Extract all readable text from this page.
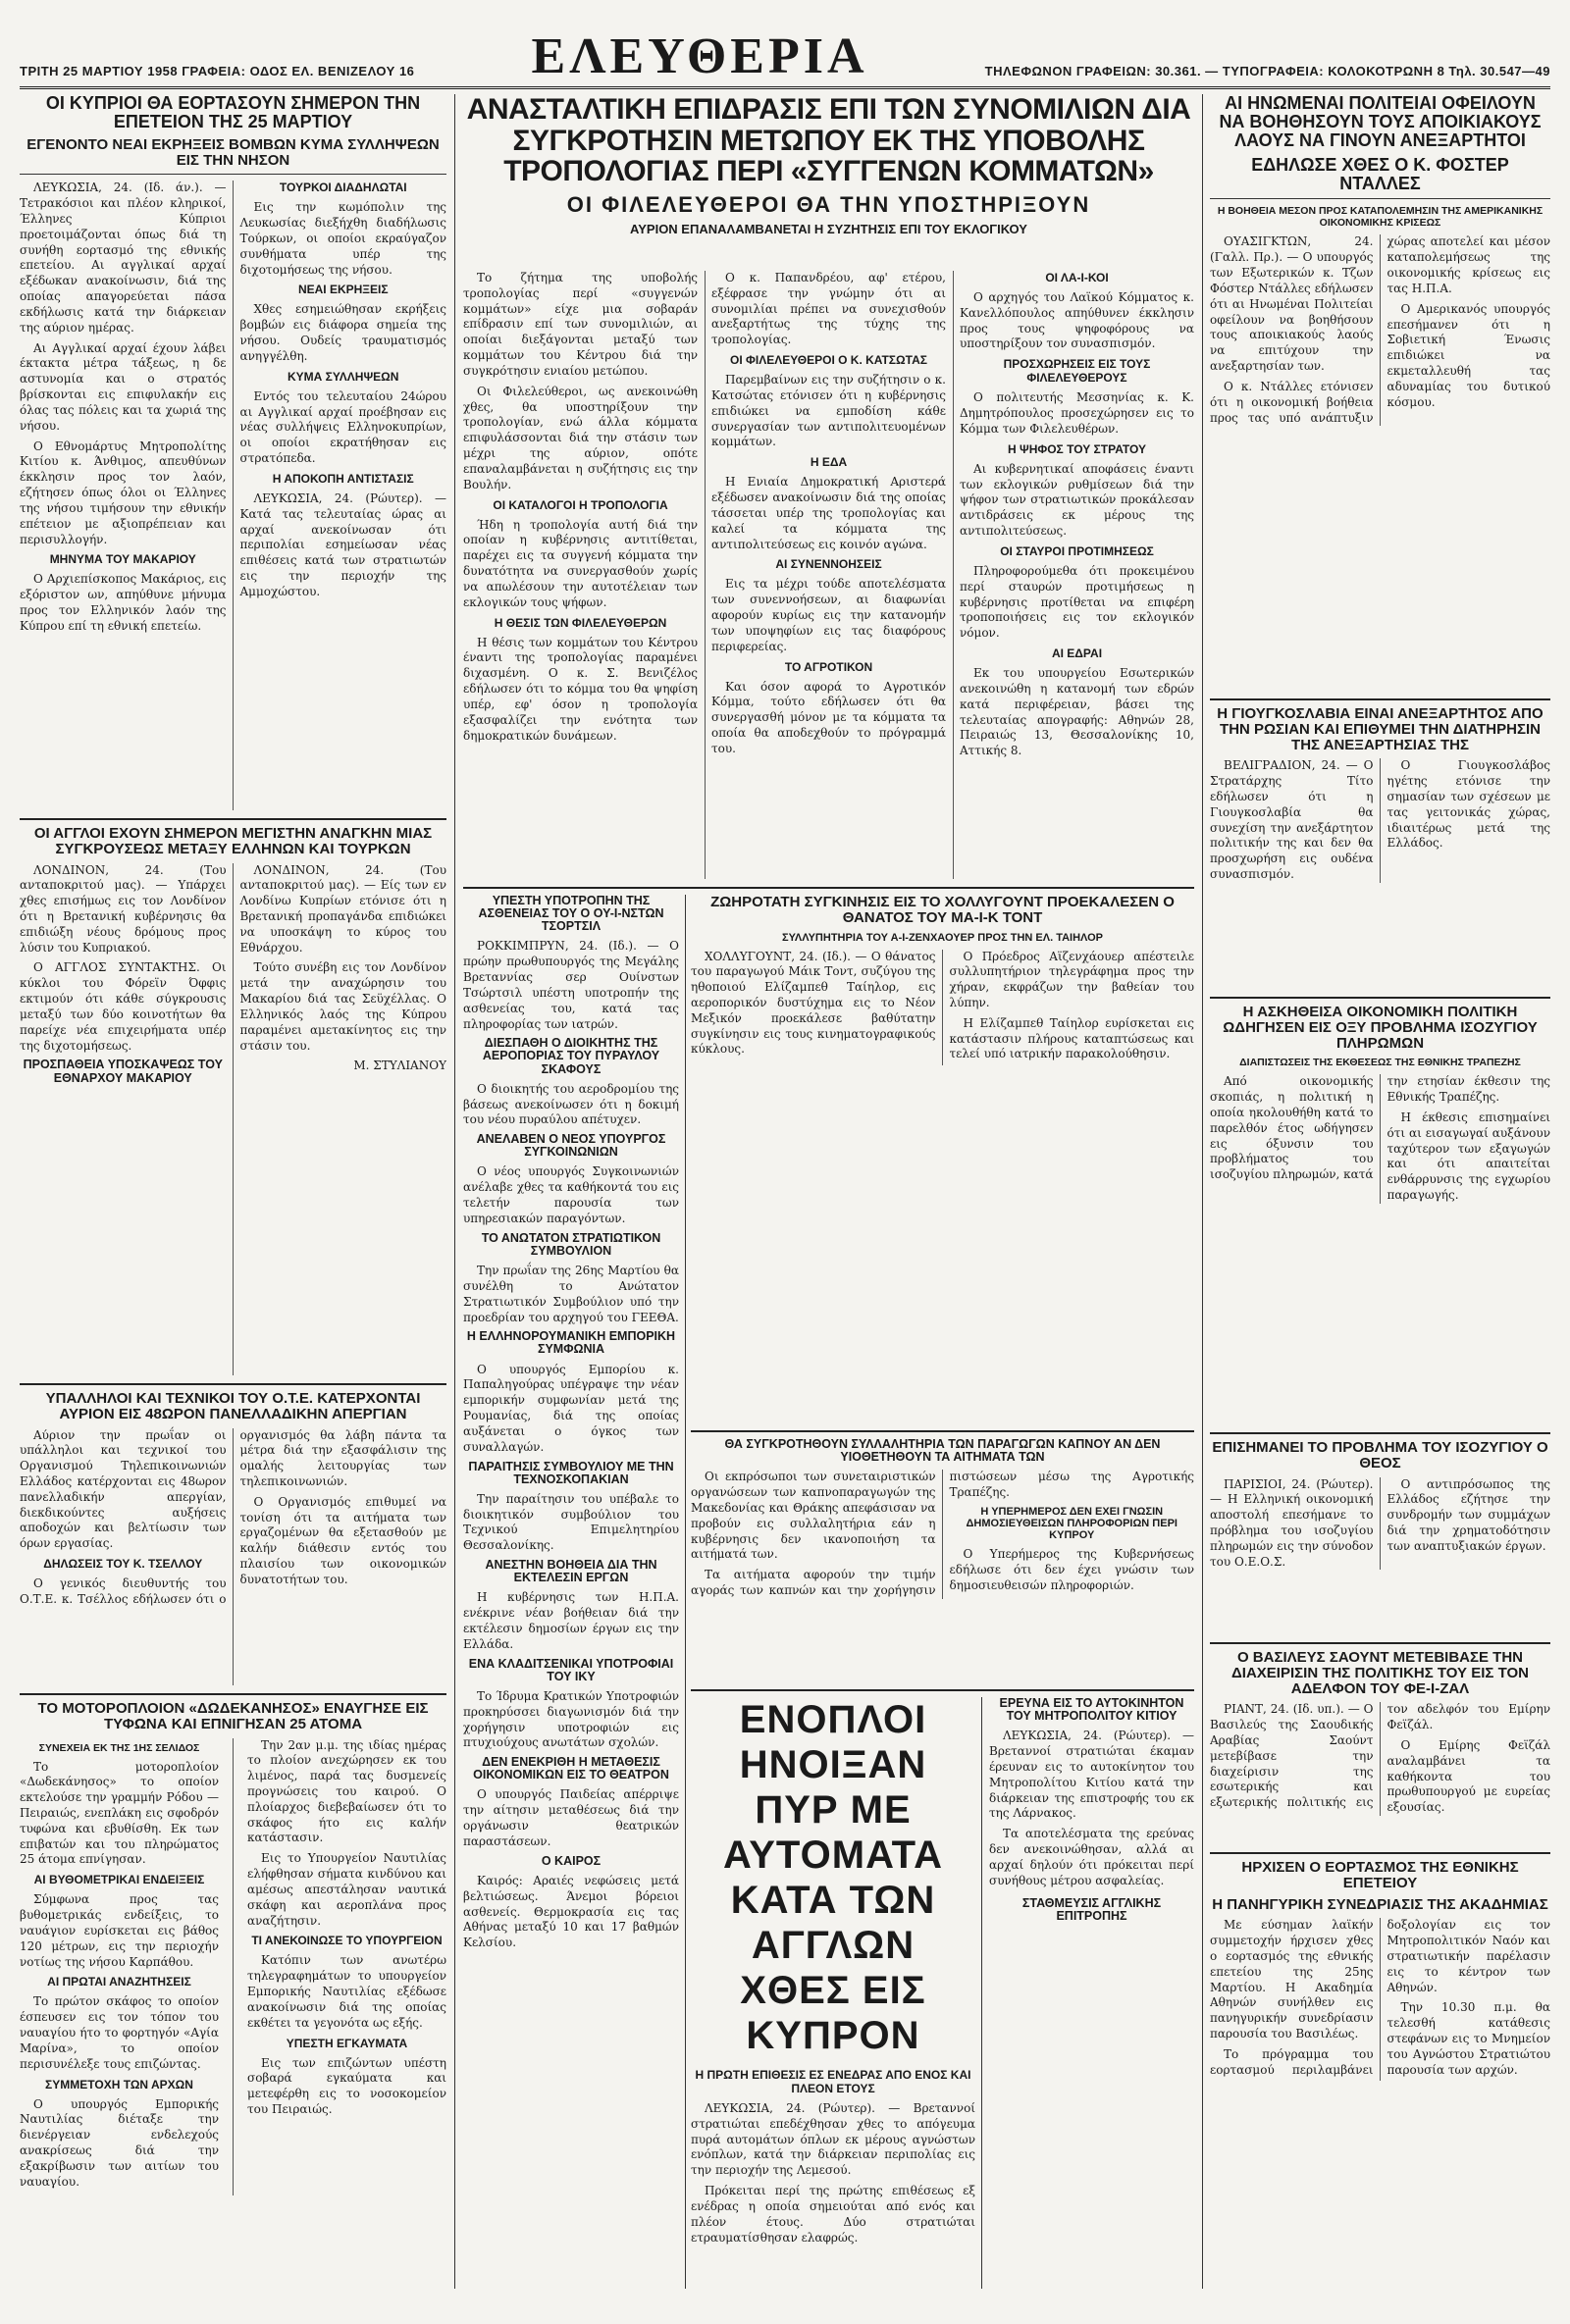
ΤΡΙΤΗ 25 ΜΑΡΤΙΟΥ 1958 ΓΡΑΦΕΙΑ: ΟΔΟΣ ΕΛ. ΒΕΝΙΖΕΛΟΥ 16 ΕΛΕΥΘΕΡΙΑ	ΤΗΛΕΦΩΝΟΝ ΓΡΑΦΕΙΩΝ: 30.361. — ΤΥΠΟΓΡΑΦΕΙΑ: ΚΟΛΟΚΟΤΡΩΝΗ 8 Τηλ. 30.547—49
ΟΙ ΚΥΠΡΙΟΙ ΘΑ ΕΟΡΤΑΣΟΥΝ ΣΗΜΕΡΟΝ ΤΗΝ ΕΠΕΤΕΙΟΝ ΤΗΣ 25 ΜΑΡΤΙΟΥ
ΕΓΕΝΟΝΤΟ ΝΕΑΙ ΕΚΡΗΞΕΙΣ ΒΟΜΒΩΝ ΚΥΜΑ ΣΥΛΛΗΨΕΩΝ ΕΙΣ ΤΗΝ ΝΗΣΟΝ

ΛΕΥΚΩΣΙΑ, 24. (Ιδ. άν.). — Τετρακόσιοι και πλέον κληρικοί, Έλληνες Κύπριοι προετοιμάζονται όπως διά τη συνήθη εορτασμό της εθνικής επετείου. Αι αγγλικαί αρχαί εξέδωκαν ανακοίνωσιν, διά της οποίας απαγορεύεται πάσα εκδήλωσις κατά την διάρκειαν της αύριον ημέρας.

Αι Αγγλικαί αρχαί έχουν λάβει έκτακτα μέτρα τάξεως, η δε αστυνομία και ο στρατός βρίσκονται εις επιφυλακήν εις όλας τας πόλεις και τα χωριά της νήσου.

Ο Εθνομάρτυς Μητροπολίτης Κιτίου κ. Άνθιμος, απευθύνων έκκλησιν προς τον λαόν, εζήτησεν όπως όλοι οι Έλληνες της νήσου τιμήσουν την εθνικήν επέτειον με αξιοπρέπειαν και περισυλλογήν.

ΜΗΝΥΜΑ ΤΟΥ ΜΑΚΑΡΙΟΥ

Ο Αρχιεπίσκοπος Μακάριος, εις εξόριστον ων, απηύθυνε μήνυμα προς τον Ελληνικόν λαόν της Κύπρου επί τη εθνική επετείω.

ΤΟΥΡΚΟΙ ΔΙΑΔΗΛΩΤΑΙ

Εις την κωμόπολιν της Λευκωσίας διεξήχθη διαδήλωσις Τούρκων, οι οποίοι εκραύγαζον συνθήματα υπέρ της διχοτομήσεως της νήσου.

ΝΕΑΙ ΕΚΡΗΞΕΙΣ

Χθες εσημειώθησαν εκρήξεις βομβών εις διάφορα σημεία της νήσου. Ουδείς τραυματισμός ανηγγέλθη.

ΚΥΜΑ ΣΥΛΛΗΨΕΩΝ

Εντός του τελευταίου 24ώρου αι Αγγλικαί αρχαί προέβησαν εις νέας συλλήψεις Ελληνοκυπρίων, οι οποίοι εκρατήθησαν εις στρατόπεδα.

Η ΑΠΟΚΟΠΗ ΑΝΤΙΣΤΑΣΙΣ

ΛΕΥΚΩΣΙΑ, 24. (Ρώυτερ). — Κατά τας τελευταίας ώρας αι αρχαί ανεκοίνωσαν ότι περιπολίαι εσημείωσαν νέας επιθέσεις κατά των στρατιωτών εις την περιοχήν της Αμμοχώστου.

ΟΙ ΑΓΓΛΟΙ ΕΧΟΥΝ ΣΗΜΕΡΟΝ ΜΕΓΙΣΤΗΝ ΑΝΑΓΚΗΝ ΜΙΑΣ ΣΥΓΚΡΟΥΣΕΩΣ ΜΕΤΑΞΥ ΕΛΛΗΝΩΝ ΚΑΙ ΤΟΥΡΚΩΝ

ΛΟΝΔΙΝΟΝ, 24. (Του ανταποκριτού μας). — Υπάρχει χθες επισήμως εις τον Λονδίνον ότι η Βρετανική κυβέρνησις θα επιδιώξη νέους δρόμους προς λύσιν του Κυπριακού.

Ο ΑΓΓΛΟΣ ΣΥΝΤΑΚΤΗΣ. Οι κύκλοι του Φόρεϊν Όφφις εκτιμούν ότι κάθε σύγκρουσις μεταξύ των δύο κοινοτήτων θα παρείχε νέα επιχειρήματα υπέρ της διχοτομήσεως.

ΠΡΟΣΠΑΘΕΙΑ ΥΠΟΣΚΑΨΕΩΣ ΤΟΥ ΕΘΝΑΡΧΟΥ ΜΑΚΑΡΙΟΥ

ΛΟΝΔΙΝΟΝ, 24. (Του ανταποκριτού μας). — Είς των εν Λονδίνω Κυπρίων ετόνισε ότι η Βρετανική προπαγάνδα επιδιώκει να υποσκάψη το κύρος του Εθνάρχου.

Τούτο συνέβη εις τον Λονδίνον μετά την αναχώρησιν του Μακαρίου διά τας Σεϋχέλλας. Ο Ελληνικός λαός της Κύπρου παραμένει αμετακίνητος εις την στάσιν του.

Μ. ΣΤΥΛΙΑΝΟΥ

ΥΠΑΛΛΗΛΟΙ ΚΑΙ ΤΕΧΝΙΚΟΙ ΤΟΥ Ο.Τ.Ε. ΚΑΤΕΡΧΟΝΤΑΙ ΑΥΡΙΟΝ ΕΙΣ 48ΩΡΟΝ ΠΑΝΕΛΛΑΔΙΚΗΝ ΑΠΕΡΓΙΑΝ

Αύριον την πρωΐαν οι υπάλληλοι και τεχνικοί του Οργανισμού Τηλεπικοινωνιών Ελλάδος κατέρχονται εις 48ωρον πανελλαδικήν απεργίαν, διεκδικούντες αυξήσεις αποδοχών και βελτίωσιν των όρων εργασίας.

ΔΗΛΩΣΕΙΣ ΤΟΥ Κ. ΤΣΕΛΛΟΥ

Ο γενικός διευθυντής του Ο.Τ.Ε. κ. Τσέλλος εδήλωσεν ότι ο οργανισμός θα λάβη πάντα τα μέτρα διά την εξασφάλισιν της ομαλής λειτουργίας των τηλεπικοινωνιών.

Ο Οργανισμός επιθυμεί να τονίση ότι τα αιτήματα των εργαζομένων θα εξετασθούν με καλήν διάθεσιν εντός του πλαισίου των οικονομικών δυνατοτήτων του.

ΤΟ ΜΟΤΟΡΟΠΛΟΙΟΝ «ΔΩΔΕΚΑΝΗΣΟΣ» ΕΝΑΥΓΗΣΕ ΕΙΣ ΤΥΦΩΝΑ ΚΑΙ ΕΠΝΙΓΗΣΑΝ 25 ΑΤΟΜΑ
ΣΥΝΕΧΕΙΑ ΕΚ ΤΗΣ 1ΗΣ ΣΕΛΙΔΟΣ

Το μοτοροπλοίον «Δωδεκάνησος» το οποίον εκτελούσε την γραμμήν Ρόδου — Πειραιώς, ενεπλάκη εις σφοδρόν τυφώνα και εβυθίσθη. Εκ των επιβατών και του πληρώματος 25 άτομα επνίγησαν.

ΑΙ ΒΥΘΟΜΕΤΡΙΚΑΙ ΕΝΔΕΙΞΕΙΣ

Σύμφωνα προς τας βυθομετρικάς ενδείξεις, το ναυάγιον ευρίσκεται εις βάθος 120 μέτρων, εις την περιοχήν νοτίως της νήσου Καρπάθου.

ΑΙ ΠΡΩΤΑΙ ΑΝΑΖΗΤΗΣΕΙΣ

Το πρώτον σκάφος το οποίον έσπευσεν εις τον τόπον του ναυαγίου ήτο το φορτηγόν «Αγία Μαρίνα», το οποίον περισυνέλεξε τους επιζώντας.

ΣΥΜΜΕΤΟΧΗ ΤΩΝ ΑΡΧΩΝ

Ο υπουργός Εμπορικής Ναυτιλίας διέταξε την διενέργειαν ενδελεχούς ανακρίσεως διά την εξακρίβωσιν των αιτίων του ναυαγίου.

Την 2αν μ.μ. της ιδίας ημέρας το πλοίον ανεχώρησεν εκ του λιμένος, παρά τας δυσμενείς προγνώσεις του καιρού. Ο πλοίαρχος διεβεβαίωσεν ότι το σκάφος ήτο εις καλήν κατάστασιν.

Εις το Υπουργείον Ναυτιλίας ελήφθησαν σήματα κινδύνου και αμέσως απεστάλησαν ναυτικά σκάφη και αεροπλάνα προς αναζήτησιν.

ΤΙ ΑΝΕΚΟΙΝΩΣΕ ΤΟ ΥΠΟΥΡΓΕΙΟΝ

Κατόπιν των ανωτέρω τηλεγραφημάτων το υπουργείον Εμπορικής Ναυτιλίας εξέδωσε ανακοίνωσιν διά της οποίας εκθέτει τα γεγονότα ως εξής.

ΥΠΕΣΤΗ ΕΓΚΑΥΜΑΤΑ

Εις των επιζώντων υπέστη σοβαρά εγκαύματα και μετεφέρθη εις το νοσοκομείον του Πειραιώς.

ΑΝΑΣΤΑΛΤΙΚΗ ΕΠΙΔΡΑΣΙΣ ΕΠΙ ΤΩΝ ΣΥΝΟΜΙΛΙΩΝ ΔΙΑ ΣΥΓΚΡΟΤΗΣΙΝ ΜΕΤΩΠΟΥ ΕΚ ΤΗΣ ΥΠΟΒΟΛΗΣ ΤΡΟΠΟΛΟΓΙΑΣ ΠΕΡΙ «ΣΥΓΓΕΝΩΝ ΚΟΜΜΑΤΩΝ»
ΟΙ ΦΙΛΕΛΕΥΘΕΡΟΙ ΘΑ ΤΗΝ ΥΠΟΣΤΗΡΙΞΟΥΝ
ΑΥΡΙΟΝ ΕΠΑΝΑΛΑΜΒΑΝΕΤΑΙ Η ΣΥΖΗΤΗΣΙΣ ΕΠΙ ΤΟΥ ΕΚΛΟΓΙΚΟΥ

Το ζήτημα της υποβολής τροπολογίας περί «συγγενών κομμάτων» είχε μια σοβαράν επίδρασιν επί των συνομιλιών, αι οποίαι διεξάγονται μεταξύ των κομμάτων του Κέντρου διά την συγκρότησιν ενιαίου μετώπου.

Οι Φιλελεύθεροι, ως ανεκοινώθη χθες, θα υποστηρίξουν την τροπολογίαν, ενώ άλλα κόμματα επιφυλάσσονται διά την στάσιν των μέχρι της αύριον, οπότε επαναλαμβάνεται η συζήτησις εις την Βουλήν.

ΟΙ ΚΑΤΑΛΟΓΟΙ Η ΤΡΟΠΟΛΟΓΙΑ

Ήδη η τροπολογία αυτή διά την οποίαν η κυβέρνησις αντιτίθεται, παρέχει εις τα συγγενή κόμματα την δυνατότητα να συνεργασθούν χωρίς να απωλέσουν την αυτοτέλειαν των εκλογικών τους ψήφων.

Η ΘΕΣΙΣ ΤΩΝ ΦΙΛΕΛΕΥΘΕΡΩΝ

Η θέσις των κομμάτων του Κέντρου έναντι της τροπολογίας παραμένει διχασμένη. Ο κ. Σ. Βενιζέλος εδήλωσεν ότι το κόμμα του θα ψηφίση υπέρ, εφ' όσον η τροπολογία εξασφαλίζει την ενότητα των δημοκρατικών δυνάμεων.

Ο κ. Παπανδρέου, αφ' ετέρου, εξέφρασε την γνώμην ότι αι συνομιλίαι πρέπει να συνεχισθούν ανεξαρτήτως της τύχης της τροπολογίας.

ΟΙ ΦΙΛΕΛΕΥΘΕΡΟΙ Ο Κ. ΚΑΤΣΩΤΑΣ

Παρεμβαίνων εις την συζήτησιν ο κ. Κατσώτας ετόνισεν ότι η κυβέρνησις επιδιώκει να εμποδίση κάθε συνεργασίαν των αντιπολιτευομένων κομμάτων.

Η ΕΔΑ

Η Ενιαία Δημοκρατική Αριστερά εξέδωσεν ανακοίνωσιν διά της οποίας τάσσεται υπέρ της τροπολογίας και καλεί τα κόμματα της αντιπολιτεύσεως εις κοινόν αγώνα.

ΑΙ ΣΥΝΕΝΝΟΗΣΕΙΣ

Εις τα μέχρι τούδε αποτελέσματα των συνεννοήσεων, αι διαφωνίαι αφορούν κυρίως εις την κατανομήν των υποψηφίων εις τας διαφόρους περιφερείας.

ΤΟ ΑΓΡΟΤΙΚΟΝ

Και όσον αφορά το Αγροτικόν Κόμμα, τούτο εδήλωσεν ότι θα συνεργασθή μόνον με τα κόμματα τα οποία θα αποδεχθούν το πρόγραμμά του.

ΟΙ ΛΑ-Ι-ΚΟΙ

Ο αρχηγός του Λαϊκού Κόμματος κ. Κανελλόπουλος απηύθυνεν έκκλησιν προς τους ψηφοφόρους να υποστηρίξουν τον συνασπισμόν.

ΠΡΟΣΧΩΡΗΣΕΙΣ ΕΙΣ ΤΟΥΣ ΦΙΛΕΛΕΥΘΕΡΟΥΣ

Ο πολιτευτής Μεσσηνίας κ. Κ. Δημητρόπουλος προσεχώρησεν εις το Κόμμα των Φιλελευθέρων.

Η ΨΗΦΟΣ ΤΟΥ ΣΤΡΑΤΟΥ

Αι κυβερνητικαί αποφάσεις έναντι των εκλογικών ρυθμίσεων διά την ψήφον των στρατιωτικών προκάλεσαν αντιδράσεις εκ μέρους της αντιπολιτεύσεως.

ΟΙ ΣΤΑΥΡΟΙ ΠΡΟΤΙΜΗΣΕΩΣ

Πληροφορούμεθα ότι προκειμένου περί σταυρών προτιμήσεως η κυβέρνησις προτίθεται να επιφέρη τροποποιήσεις εις τον εκλογικόν νόμον.

ΑΙ ΕΔΡΑΙ

Εκ του υπουργείου Εσωτερικών ανεκοινώθη η κατανομή των εδρών κατά περιφέρειαν, βάσει της τελευταίας απογραφής: Αθηνών 28, Πειραιώς 13, Θεσσαλονίκης 10, Αττικής 8.

ΥΠΕΣΤΗ ΥΠΟΤΡΟΠΗΝ ΤΗΣ ΑΣΘΕΝΕΙΑΣ ΤΟΥ Ο ΟΥ-Ι-ΝΣΤΩΝ ΤΣΟΡΤΣΙΛ

ΡΟΚΚΙΜΠΡΥΝ, 24. (Ιδ.). — Ο πρώην πρωθυπουργός της Μεγάλης Βρεταννίας σερ Ουίνστων Τσώρτσιλ υπέστη υποτροπήν της ασθενείας του, κατά τας πληροφορίας των ιατρών.

ΔΙΕΣΠΑΘΗ Ο ΔΙΟΙΚΗΤΗΣ ΤΗΣ ΑΕΡΟΠΟΡΙΑΣ ΤΟΥ ΠΥΡΑΥΛΟΥ ΣΚΑΦΟΥΣ

Ο διοικητής του αεροδρομίου της βάσεως ανεκοίνωσεν ότι η δοκιμή του νέου πυραύλου απέτυχεν.

ΑΝΕΛΑΒΕΝ Ο ΝΕΟΣ ΥΠΟΥΡΓΟΣ ΣΥΓΚΟΙΝΩΝΙΩΝ

Ο νέος υπουργός Συγκοινωνιών ανέλαβε χθες τα καθήκοντά του εις τελετήν παρουσία των υπηρεσιακών παραγόντων.

ΤΟ ΑΝΩΤΑΤΟΝ ΣΤΡΑΤΙΩΤΙΚΟΝ ΣΥΜΒΟΥΛΙΟΝ

Την πρωΐαν της 26ης Μαρτίου θα συνέλθη το Ανώτατον Στρατιωτικόν Συμβούλιον υπό την προεδρίαν του αρχηγού του ΓΕΕΘΑ.

Η ΕΛΛΗΝΟΡΟΥΜΑΝΙΚΗ ΕΜΠΟΡΙΚΗ ΣΥΜΦΩΝΙΑ

Ο υπουργός Εμπορίου κ. Παπαληγούρας υπέγραψε την νέαν εμπορικήν συμφωνίαν μετά της Ρουμανίας, διά της οποίας αυξάνεται ο όγκος των συναλλαγών.

ΠΑΡΑΙΤΗΣΙΣ ΣΥΜΒΟΥΛΙΟΥ ΜΕ ΤΗΝ ΤΕΧΝΟΣΚΟΠΑΚΙΑΝ

Την παραίτησιν του υπέβαλε το διοικητικόν συμβούλιον του Τεχνικού Επιμελητηρίου Θεσσαλονίκης.

ΑΝΕΣΤΗΝ ΒΟΗΘΕΙΑ ΔΙΑ ΤΗΝ ΕΚΤΕΛΕΣΙΝ ΕΡΓΩΝ

Η κυβέρνησις των Η.Π.Α. ενέκρινε νέαν βοήθειαν διά την εκτέλεσιν δημοσίων έργων εις την Ελλάδα.

ΕΝΑ ΚΛΑΔΙΤΣΕΝΙΚΑΙ ΥΠΟΤΡΟΦΙΑΙ ΤΟΥ ΙΚΥ

Το Ίδρυμα Κρατικών Υποτροφιών προκηρύσσει διαγωνισμόν διά την χορήγησιν υποτροφιών εις πτυχιούχους ανωτάτων σχολών.

ΔΕΝ ΕΝΕΚΡΙΘΗ Η ΜΕΤΑΘΕΣΙΣ ΟΙΚΟΝΟΜΙΚΩΝ ΕΙΣ ΤΟ ΘΕΑΤΡΟΝ

Ο υπουργός Παιδείας απέρριψε την αίτησιν μεταθέσεως διά την οργάνωσιν θεατρικών παραστάσεων.

Ο ΚΑΙΡΟΣ

Καιρός: Αραιές νεφώσεις μετά βελτιώσεως. Άνεμοι βόρειοι ασθενείς. Θερμοκρασία εις τας Αθήνας μεταξύ 10 και 17 βαθμών Κελσίου.

ΖΩΗΡΟΤΑΤΗ ΣΥΓΚΙΝΗΣΙΣ ΕΙΣ ΤΟ ΧΟΛΛΥΓΟΥΝΤ ΠΡΟΕΚΑΛΕΣΕΝ Ο ΘΑΝΑΤΟΣ ΤΟΥ ΜΑ-Ι-Κ ΤΟΝΤ
ΣΥΛΛΥΠΗΤΗΡΙΑ ΤΟΥ Α-Ι-ΖΕΝΧΑΟΥΕΡ ΠΡΟΣ ΤΗΝ ΕΛ. ΤΑΙΗΛΟΡ

ΧΟΛΛΥΓΟΥΝΤ, 24. (Ιδ.). — Ο θάνατος του παραγωγού Μάικ Τοντ, συζύγου της ηθοποιού Ελίζαμπεθ Ταίηλορ, εις αεροπορικόν δυστύχημα εις το Νέον Μεξικόν προεκάλεσε βαθύτατην συγκίνησιν εις τους κινηματογραφικούς κύκλους.

Ο Πρόεδρος Αϊζενχάουερ απέστειλε συλλυπητήριον τηλεγράφημα προς την χήραν, εκφράζων την βαθείαν του λύπην.

Η Ελίζαμπεθ Ταίηλορ ευρίσκεται εις κατάστασιν πλήρους καταπτώσεως και τελεί υπό ιατρικήν παρακολούθησιν.

ΘΑ ΣΥΓΚΡΟΤΗΘΟΥΝ ΣΥΛΛΑΛΗΤΗΡΙΑ ΤΩΝ ΠΑΡΑΓΩΓΩΝ ΚΑΠΝΟΥ ΑΝ ΔΕΝ ΥΙΟΘΕΤΗΘΟΥΝ ΤΑ ΑΙΤΗΜΑΤΑ ΤΩΝ

Οι εκπρόσωποι των συνεταιριστικών οργανώσεων των καπνοπαραγωγών της Μακεδονίας και Θράκης απεφάσισαν να προβούν εις συλλαλητήρια εάν η κυβέρνησις δεν ικανοποιήση τα αιτήματά των.

Τα αιτήματα αφορούν την τιμήν αγοράς των καπνών και την χορήγησιν πιστώσεων μέσω της Αγροτικής Τραπέζης.

Η ΥΠΕΡΗΜΕΡΟΣ ΔΕΝ ΕΧΕΙ ΓΝΩΣΙΝ ΔΗΜΟΣΙΕΥΘΕΙΣΩΝ ΠΛΗΡΟΦΟΡΙΩΝ ΠΕΡΙ ΚΥΠΡΟΥ

Ο Υπερήμερος της Κυβερνήσεως εδήλωσε ότι δεν έχει γνώσιν των δημοσιευθεισών πληροφοριών.

ΕΝΟΠΛΟΙ ΗΝΟΙΞΑΝ
ΠΥΡ ΜΕ ΑΥΤΟΜΑΤΑ
ΚΑΤΑ ΤΩΝ ΑΓΓΛΩΝ
ΧΘΕΣ ΕΙΣ ΚΥΠΡΟΝ
Η ΠΡΩΤΗ ΕΠΙΘΕΣΙΣ ΕΣ ΕΝΕΔΡΑΣ ΑΠΟ ΕΝΟΣ ΚΑΙ ΠΛΕΟΝ ΕΤΟΥΣ

ΛΕΥΚΩΣΙΑ, 24. (Ρώυτερ). — Βρεταννοί στρατιώται επεδέχθησαν χθες το απόγευμα πυρά αυτομάτων όπλων εκ μέρους αγνώστων ενόπλων, κατά την διάρκειαν περιπολίας εις την περιοχήν της Λεμεσού.

Πρόκειται περί της πρώτης επιθέσεως εξ ενέδρας η οποία σημειούται από ενός και πλέον έτους. Δύο στρατιώται ετραυματίσθησαν ελαφρώς.

ΕΡΕΥΝΑ ΕΙΣ ΤΟ ΑΥΤΟΚΙΝΗΤΟΝ ΤΟΥ ΜΗΤΡΟΠΟΛΙΤΟΥ ΚΙΤΙΟΥ

ΛΕΥΚΩΣΙΑ, 24. (Ρώυτερ). — Βρεταννοί στρατιώται έκαμαν έρευναν εις το αυτοκίνητον του Μητροπολίτου Κιτίου κατά την διάρκειαν της επιστροφής του εκ της Λάρνακος.

Τα αποτελέσματα της ερεύνας δεν ανεκοινώθησαν, αλλά αι αρχαί δηλούν ότι πρόκειται περί συνήθους μέτρου ασφαλείας.

ΣΤΑΘΜΕΥΣΙΣ ΑΓΓΛΙΚΗΣ ΕΠΙΤΡΟΠΗΣ
ΑΙ ΗΝΩΜΕΝΑΙ ΠΟΛΙΤΕΙΑΙ ΟΦΕΙΛΟΥΝ ΝΑ ΒΟΗΘΗΣΟΥΝ ΤΟΥΣ ΑΠΟΙΚΙΑΚΟΥΣ ΛΑΟΥΣ ΝΑ ΓΙΝΟΥΝ ΑΝΕΞΑΡΤΗΤΟΙ
ΕΔΗΛΩΣΕ ΧΘΕΣ Ο Κ. ΦΟΣΤΕΡ ΝΤΑΛΛΕΣ
Η ΒΟΗΘΕΙΑ ΜΕΣΟΝ ΠΡΟΣ ΚΑΤΑΠΟΛΕΜΗΣΙΝ ΤΗΣ ΑΜΕΡΙΚΑΝΙΚΗΣ ΟΙΚΟΝΟΜΙΚΗΣ ΚΡΙΣΕΩΣ

ΟΥΑΣΙΓΚΤΩΝ, 24. (Γαλλ. Πρ.). — Ο υπουργός των Εξωτερικών κ. Τζων Φόστερ Ντάλλες εδήλωσεν ότι αι Ηνωμέναι Πολιτείαι οφείλουν να βοηθήσουν τους αποικιακούς λαούς να επιτύχουν την ανεξαρτησίαν των.

Ο κ. Ντάλλες ετόνισεν ότι η οικονομική βοήθεια προς τας υπό ανάπτυξιν χώρας αποτελεί και μέσον καταπολεμήσεως της οικονομικής κρίσεως εις τας Η.Π.Α.

Ο Αμερικανός υπουργός επεσήμανεν ότι η Σοβιετική Ένωσις επιδιώκει να εκμεταλλευθή τας αδυναμίας του δυτικού κόσμου.

Η ΓΙΟΥΓΚΟΣΛΑΒΙΑ ΕΙΝΑΙ ΑΝΕΞΑΡΤΗΤΟΣ ΑΠΟ ΤΗΝ ΡΩΣΙΑΝ ΚΑΙ ΕΠΙΘΥΜΕΙ ΤΗΝ ΔΙΑΤΗΡΗΣΙΝ ΤΗΣ ΑΝΕΞΑΡΤΗΣΙΑΣ ΤΗΣ

ΒΕΛΙΓΡΑΔΙΟΝ, 24. — Ο Στρατάρχης Τίτο εδήλωσεν ότι η Γιουγκοσλαβία θα συνεχίση την ανεξάρτητον πολιτικήν της και δεν θα προσχωρήση εις ουδένα συνασπισμόν.

Ο Γιουγκοσλάβος ηγέτης ετόνισε την σημασίαν των σχέσεων με τας γειτονικάς χώρας, ιδιαιτέρως μετά της Ελλάδος.

Η ΑΣΚΗΘΕΙΣΑ ΟΙΚΟΝΟΜΙΚΗ ΠΟΛΙΤΙΚΗ ΩΔΗΓΗΣΕΝ ΕΙΣ ΟΞΥ ΠΡΟΒΛΗΜΑ ΙΣΟΖΥΓΙΟΥ ΠΛΗΡΩΜΩΝ
ΔΙΑΠΙΣΤΩΣΕΙΣ ΤΗΣ ΕΚΘΕΣΕΩΣ ΤΗΣ ΕΘΝΙΚΗΣ ΤΡΑΠΕΖΗΣ

Από οικονομικής σκοπιάς, η πολιτική η οποία ηκολουθήθη κατά το παρελθόν έτος ωδήγησεν εις όξυνσιν του προβλήματος του ισοζυγίου πληρωμών, κατά την ετησίαν έκθεσιν της Εθνικής Τραπέζης.

Η έκθεσις επισημαίνει ότι αι εισαγωγαί αυξάνουν ταχύτερον των εξαγωγών και ότι απαιτείται ενθάρρυνσις της εγχωρίου παραγωγής.

ΕΠΙΣΗΜΑΝΕΙ ΤΟ ΠΡΟΒΛΗΜΑ ΤΟΥ ΙΣΟΖΥΓΙΟΥ Ο ΘΕΟΣ

ΠΑΡΙΣΙΟΙ, 24. (Ρώυτερ). — Η Ελληνική οικονομική αποστολή επεσήμανε το πρόβλημα του ισοζυγίου πληρωμών εις την σύνοδον του Ο.Ε.Ο.Σ.

Ο αντιπρόσωπος της Ελλάδος εζήτησε την συνδρομήν των συμμάχων διά την χρηματοδότησιν των αναπτυξιακών έργων.

Ο ΒΑΣΙΛΕΥΣ ΣΑΟΥΝΤ ΜΕΤΕΒΙΒΑΣΕ ΤΗΝ ΔΙΑΧΕΙΡΙΣΙΝ ΤΗΣ ΠΟΛΙΤΙΚΗΣ ΤΟΥ ΕΙΣ ΤΟΝ ΑΔΕΛΦΟΝ ΤΟΥ ΦΕ-Ι-ΖΑΛ

ΡΙΑΝΤ, 24. (Ιδ. υπ.). — Ο Βασιλεύς της Σαουδικής Αραβίας Σαούντ μετεβίβασε την διαχείρισιν της εσωτερικής και εξωτερικής πολιτικής εις τον αδελφόν του Εμίρην Φεϊζάλ.

Ο Εμίρης Φεϊζάλ αναλαμβάνει τα καθήκοντα του πρωθυπουργού με ευρείας εξουσίας.

ΗΡΧΙΣΕΝ Ο ΕΟΡΤΑΣΜΟΣ ΤΗΣ ΕΘΝΙΚΗΣ ΕΠΕΤΕΙΟΥ
Η ΠΑΝΗΓΥΡΙΚΗ ΣΥΝΕΔΡΙΑΣΙΣ ΤΗΣ ΑΚΑΔΗΜΙΑΣ

Με εύσημαν λαϊκήν συμμετοχήν ήρχισεν χθες ο εορτασμός της εθνικής επετείου της 25ης Μαρτίου. Η Ακαδημία Αθηνών συνήλθεν εις πανηγυρικήν συνεδρίασιν παρουσία του Βασιλέως.

Το πρόγραμμα του εορτασμού περιλαμβάνει δοξολογίαν εις τον Μητροπολιτικόν Ναόν και στρατιωτικήν παρέλασιν εις το κέντρον των Αθηνών.

Την 10.30 π.μ. θα τελεσθή κατάθεσις στεφάνων εις το Μνημείον του Αγνώστου Στρατιώτου παρουσία των αρχών.
